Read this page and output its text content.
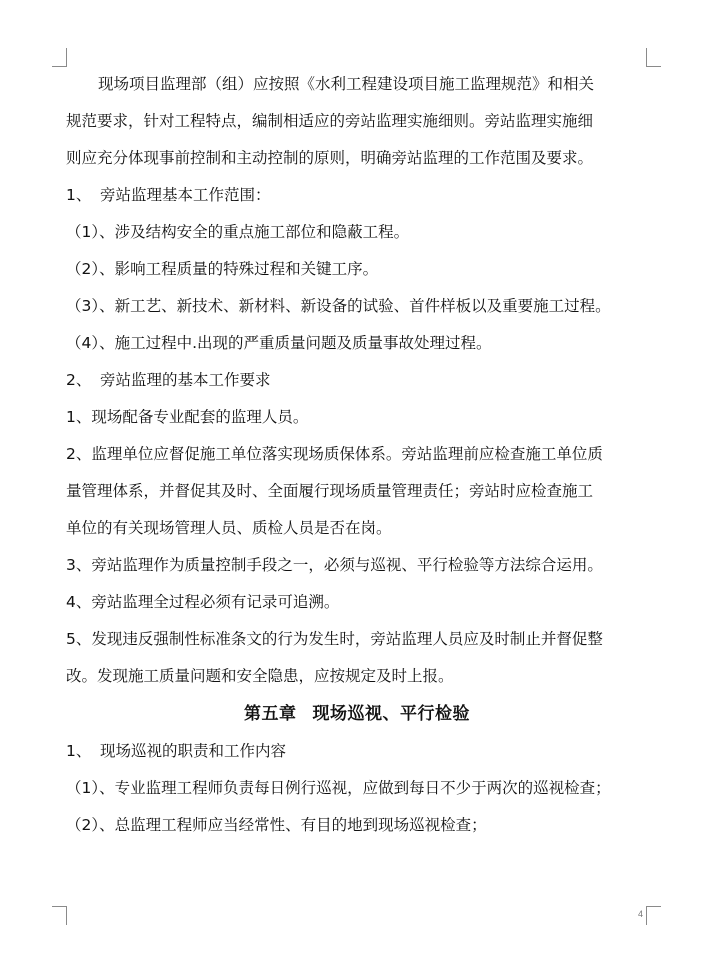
现场项目监理部（组）应按照《水利工程建设项目施工监理规范》和相关
规范要求，针对工程特点，编制相适应的旁站监理实施细则。旁站监理实施细
则应充分体现事前控制和主动控制的原则，明确旁站监理的工作范围及要求。
1、 旁站监理基本工作范围：
（1）、涉及结构安全的重点施工部位和隐蔽工程。
（2）、影响工程质量的特殊过程和关键工序。
（3）、新工艺、新技术、新材料、新设备的试验、首件样板以及重要施工过程。
（4）、施工过程中.出现的严重质量问题及质量事故处理过程。
2、 旁站监理的基本工作要求
1、现场配备专业配套的监理人员。
2、监理单位应督促施工单位落实现场质保体系。旁站监理前应检查施工单位质
量管理体系，并督促其及时、全面履行现场质量管理责任；旁站时应检查施工
单位的有关现场管理人员、质检人员是否在岗。
3、旁站监理作为质量控制手段之一，必须与巡视、平行检验等方法综合运用。
4、旁站监理全过程必须有记录可追溯。
5、发现违反强制性标准条文的行为发生时，旁站监理人员应及时制止并督促整
改。发现施工质量问题和安全隐患，应按规定及时上报。
第五章 现场巡视、平行检验
1、 现场巡视的职责和工作内容
（1）、专业监理工程师负责每日例行巡视，应做到每日不少于两次的巡视检查；
（2）、总监理工程师应当经常性、有目的地到现场巡视检查；
4
